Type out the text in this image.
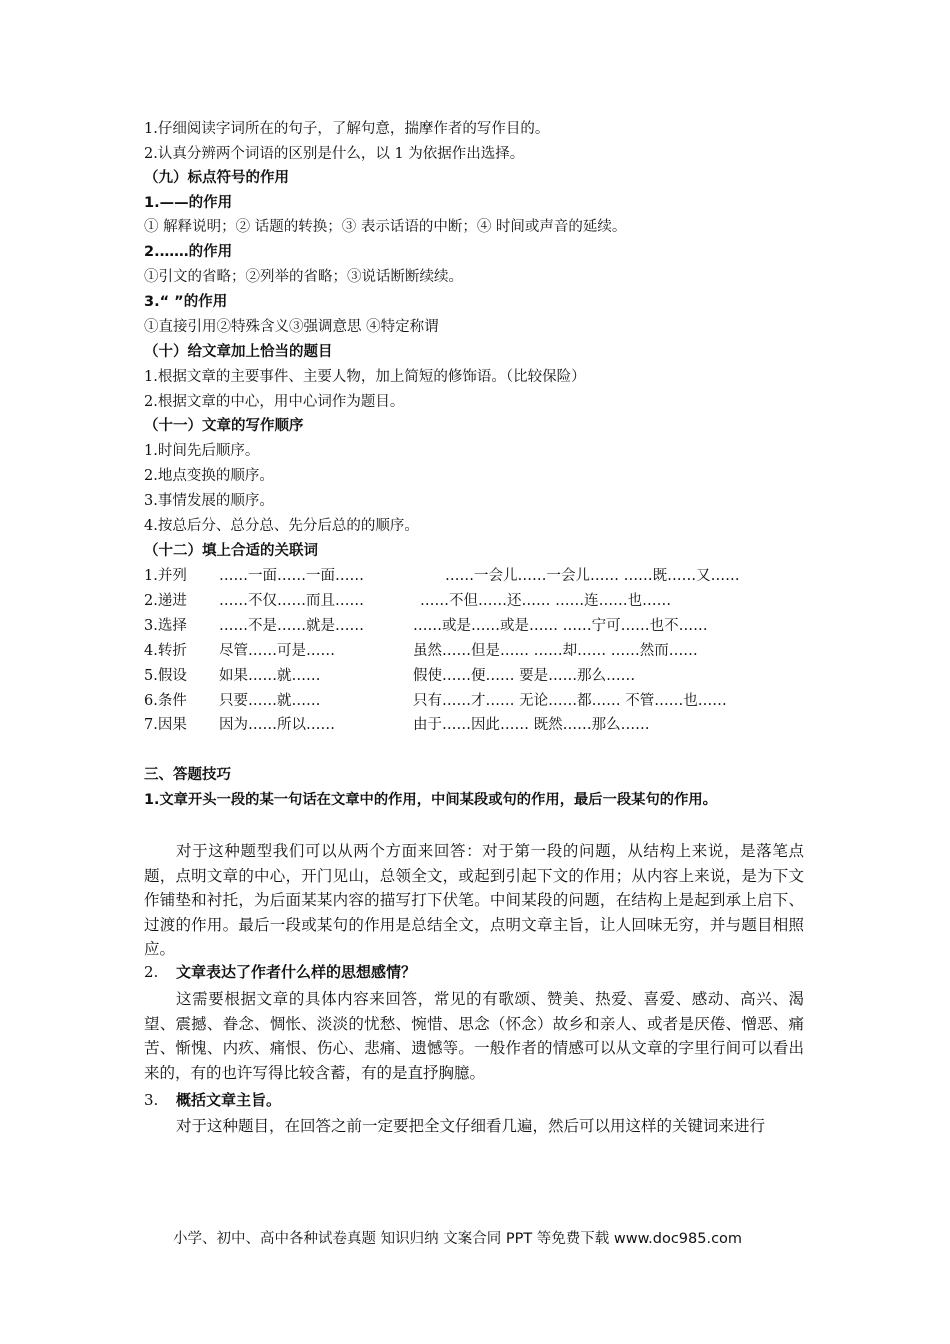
1.仔细阅读字词所在的句子，了解句意，揣摩作者的写作目的。
2.认真分辨两个词语的区别是什么，以 1 为依据作出选择。
（九）标点符号的作用
1.——的作用
① 解释说明；② 话题的转换；③ 表示话语的中断；④ 时间或声音的延续。
2.……的作用
①引文的省略；②列举的省略；③说话断断续续。
3.“ ”的作用
①直接引用②特殊含义③强调意思 ④特定称谓
（十）给文章加上恰当的题目
1.根据文章的主要事件、主要人物，加上简短的修饰语。（比较保险）
2.根据文章的中心，用中心词作为题目。
（十一）文章的写作顺序
1.时间先后顺序。
2.地点变换的顺序。
3.事情发展的顺序。
4.按总后分、总分总、先分后总的的顺序。
（十二）填上合适的关联词
1.并列 ……一面……一面……	……一会儿……一会儿…… ……既……又……
2.递进 ……不仅……而且……	……不但……还…… ……连……也……
3.选择 ……不是……就是……	……或是……或是…… ……宁可……也不……
4.转折 尽管……可是……	虽然……但是…… ……却…… ……然而……
5.假设 如果……就……	假使……便…… 要是……那么……
6.条件 只要……就……	只有……才…… 无论……都…… 不管……也……
7.因果 因为……所以……	由于……因此…… 既然……那么……
三、答题技巧
1.文章开头一段的某一句话在文章中的作用，中间某段或句的作用，最后一段某句的作用。
对于这种题型我们可以从两个方面来回答：对于第一段的问题，从结构上来说，是落笔点题，点明文章的中心，开门见山，总领全文，或起到引起下文的作用；从内容上来说，是为下文作铺垫和衬托，为后面某某内容的描写打下伏笔。中间某段的问题，在结构上是起到承上启下、过渡的作用。最后一段或某句的作用是总结全文，点明文章主旨，让人回味无穷，并与题目相照应。
2. 文章表达了作者什么样的思想感情？
这需要根据文章的具体内容来回答，常见的有歌颂、赞美、热爱、喜爱、感动、高兴、渴望、震撼、眷念、惆怅、淡淡的忧愁、惋惜、思念（怀念）故乡和亲人、或者是厌倦、憎恶、痛苦、惭愧、内疚、痛恨、伤心、悲痛、遗憾等。一般作者的情感可以从文章的字里行间可以看出来的，有的也许写得比较含蓄，有的是直抒胸臆。
3. 概括文章主旨。
对于这种题目，在回答之前一定要把全文仔细看几遍，然后可以用这样的关键词来进行
小学、初中、高中各种试卷真题 知识归纳 文案合同 PPT 等免费下载 www.doc985.com
